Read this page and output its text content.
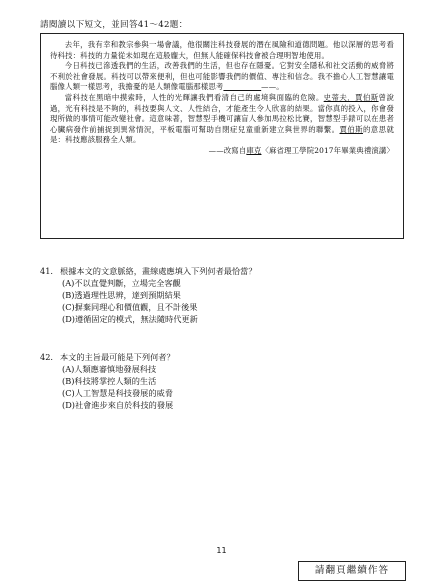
請閱讀以下短文，並回答41～42題：

去年，我有幸和教宗參與一場會議，他很關注科技發展的潛在風險和道德問題。他以深層的思考看待科技：科技的力量從未如現在這般龐大，但無人能確保科技會被合理明智地使用。

今日科技已滲透我們的生活，改善我們的生活，但也存在隱憂。它對安全隱私和社交活動的威脅將不利於社會發展。科技可以帶來便利，但也可能影響我們的價值、專注和信念。我不擔心人工智慧讓電腦像人類一樣思考，我擔憂的是人類像電腦那樣思考　　　　　	——。

當科技在黑暗中摸索時，人性的光輝讓我們看清自己的處境與面臨的危險。史蒂夫．賈伯斯曾說過，光有科技是不夠的，科技要與人文、人性結合，才能產生令人欣喜的結果。當你真的投入，你會發現所做的事情可能改變社會。這意味著，智慧型手機可讓盲人參加馬拉松比賽，智慧型手錶可以在患者心臟病發作前捕捉到異常情況，平板電腦可幫助自閉症兒童重新建立與世界的聯繫。賈伯斯的意思就是：科技應該服務全人類。

——改寫自庫克〈麻省理工學院2017年畢業典禮演講〉

41. 根據本文的文意脈絡，畫線處應填入下列何者最恰當？

(A)不以直覺判斷，立場完全客觀
(B)透過理性思辨，達到預期結果
(C)摒棄同理心和價值觀，且不計後果
(D)遵循固定的模式，無法隨時代更新

42. 本文的主旨最可能是下列何者？

(A)人類應審慎地發展科技
(B)科技將掌控人類的生活
(C)人工智慧是科技發展的威脅
(D)社會進步來自於科技的發展
11
請翻頁繼續作答
